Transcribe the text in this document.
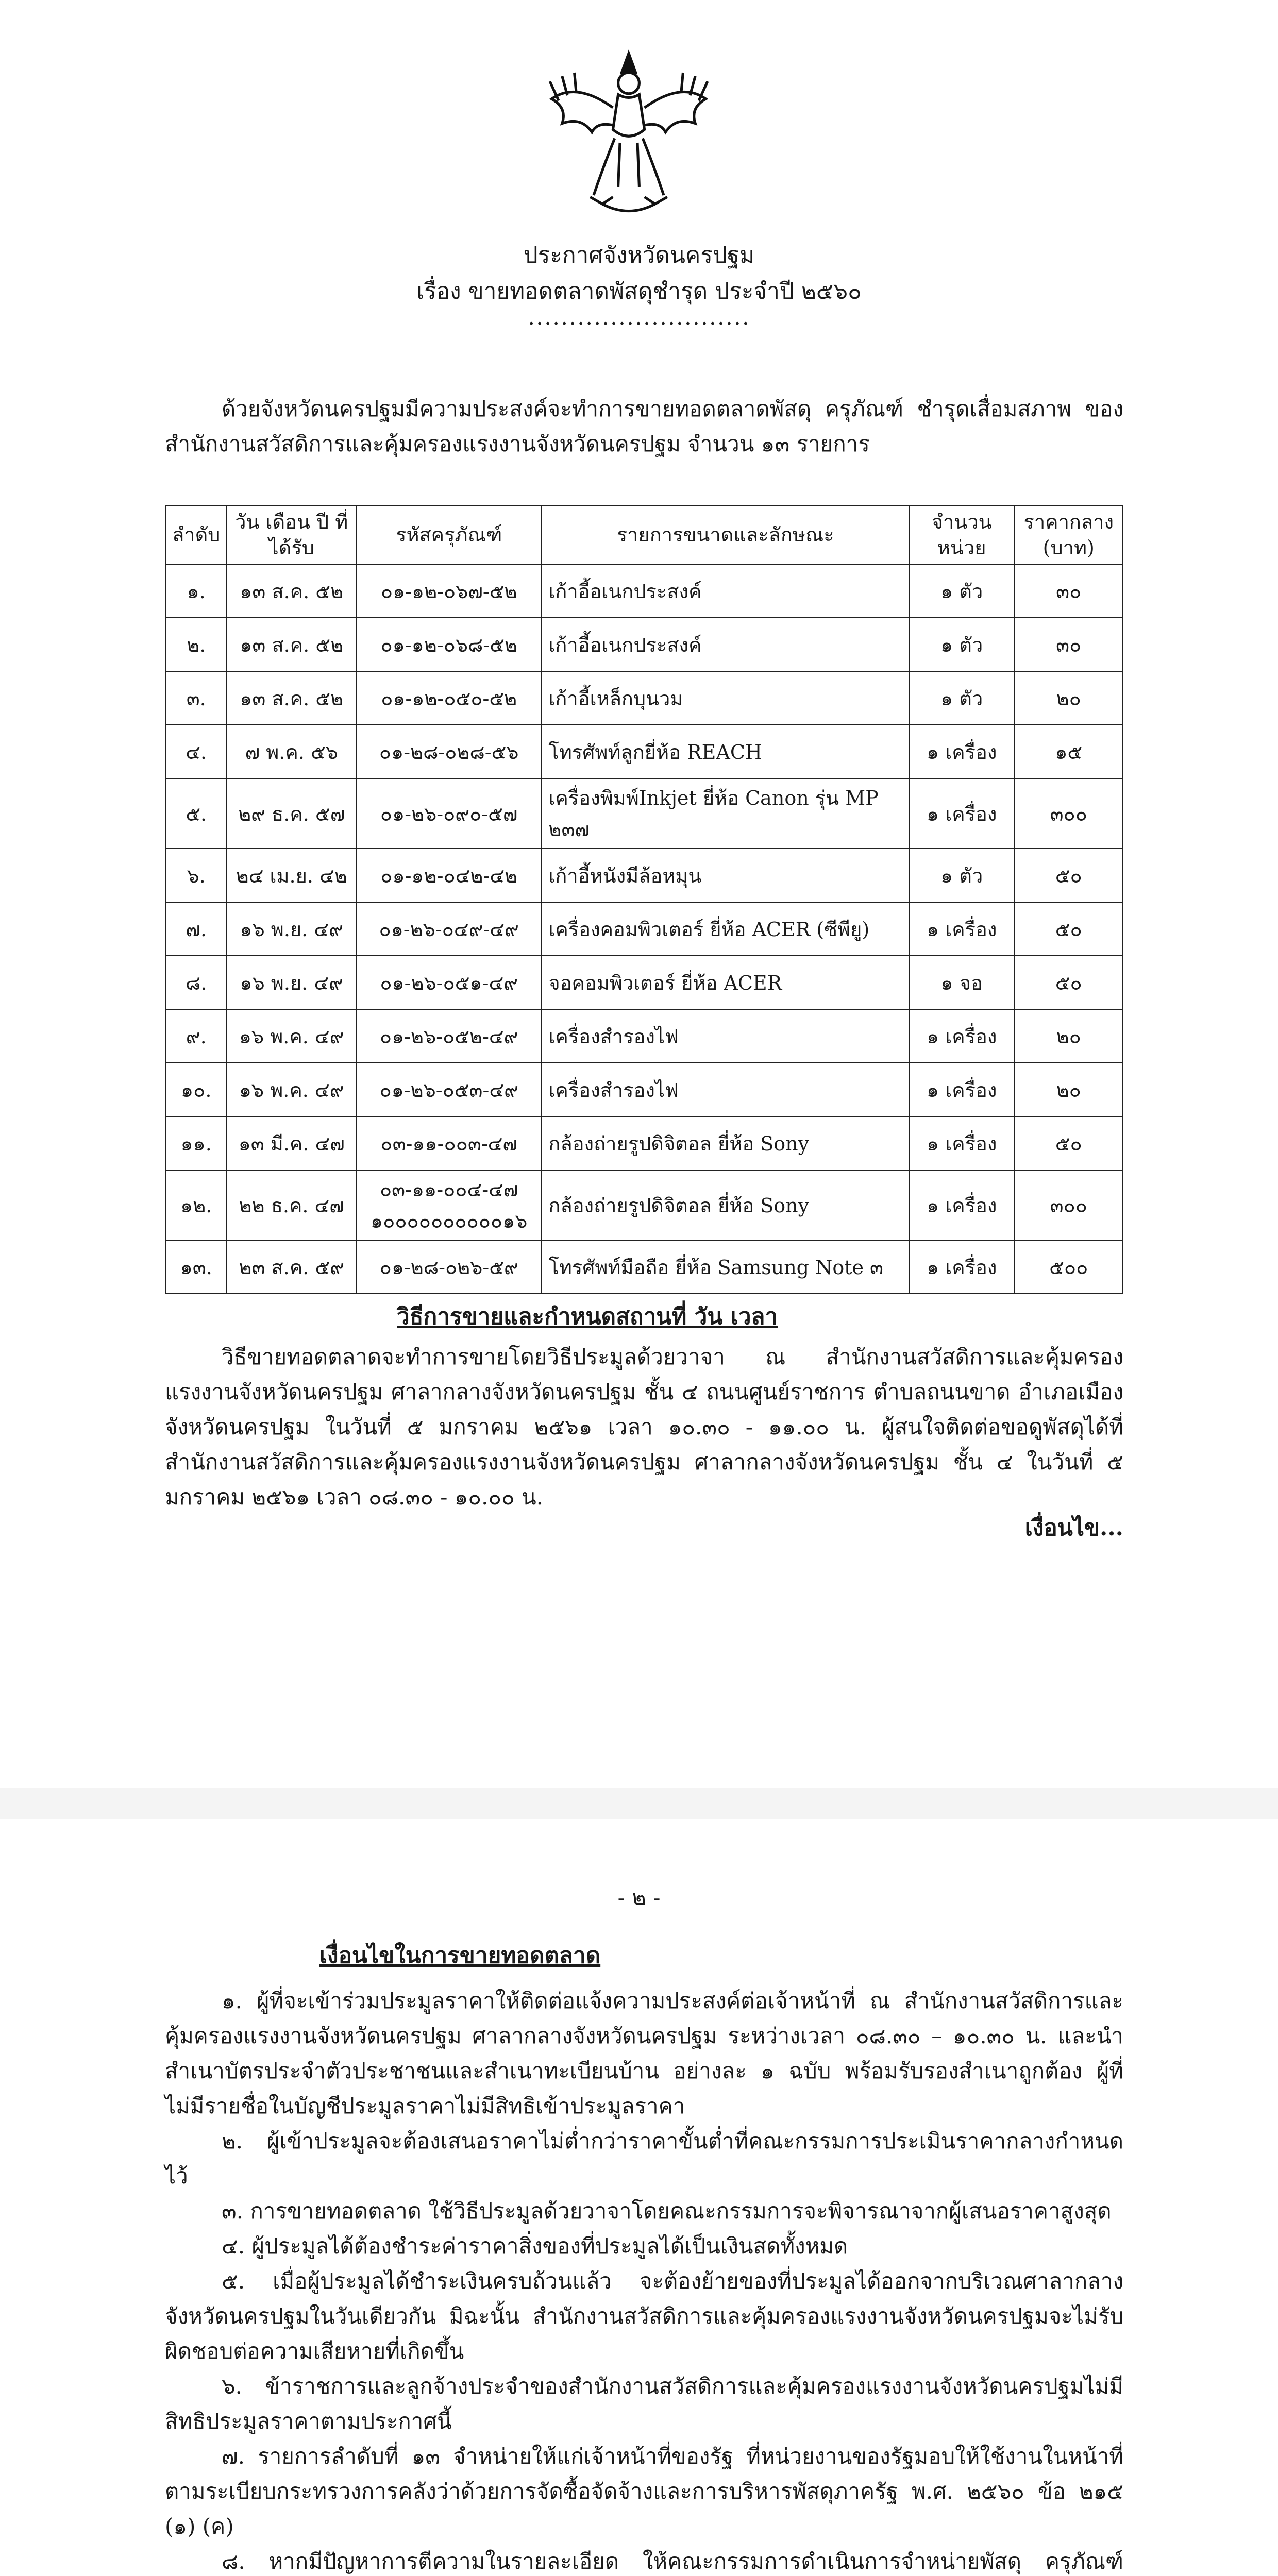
ประกาศจังหวัดนครปฐม
เรื่อง ขายทอดตลาดพัสดุชำรุด ประจำปี ๒๕๖๐
...........................
ด้วยจังหวัดนครปฐมมีความประสงค์จะทำการขายทอดตลาดพัสดุ ครุภัณฑ์ ชำรุดเสื่อมสภาพ ของสำนักงานสวัสดิการและคุ้มครองแรงงานจังหวัดนครปฐม จำนวน ๑๓ รายการ
ลำดับ	วัน เดือน ปี ที่ได้รับ	รหัสครุภัณฑ์	รายการขนาดและลักษณะ	จำนวน หน่วย	ราคากลาง (บาท)

๑.	๑๓ ส.ค. ๕๒	๐๑-๑๒-๐๖๗-๕๒	เก้าอี้อเนกประสงค์	๑ ตัว	๓๐

๒.	๑๓ ส.ค. ๕๒	๐๑-๑๒-๐๖๘-๕๒	เก้าอี้อเนกประสงค์	๑ ตัว	๓๐

๓.	๑๓ ส.ค. ๕๒	๐๑-๑๒-๐๕๐-๕๒	เก้าอี้เหล็กบุนวม	๑ ตัว	๒๐

๔.	๗ พ.ค. ๕๖	๐๑-๒๘-๐๒๘-๕๖	โทรศัพท์ลูกยี่ห้อ REACH	๑ เครื่อง	๑๕

๕.	๒๙ ธ.ค. ๕๗	๐๑-๒๖-๐๙๐-๕๗	เครื่องพิมพ์Inkjet ยี่ห้อ Canon รุ่น MP ๒๓๗	๑ เครื่อง	๓๐๐

๖.	๒๔ เม.ย. ๔๒	๐๑-๑๒-๐๔๒-๔๒	เก้าอี้หนังมีล้อหมุน	๑ ตัว	๕๐

๗.	๑๖ พ.ย. ๔๙	๐๑-๒๖-๐๔๙-๔๙	เครื่องคอมพิวเตอร์ ยี่ห้อ ACER (ซีพียู)	๑ เครื่อง	๕๐

๘.	๑๖ พ.ย. ๔๙	๐๑-๒๖-๐๕๑-๔๙	จอคอมพิวเตอร์ ยี่ห้อ ACER	๑ จอ	๕๐

๙.	๑๖ พ.ค. ๔๙	๐๑-๒๖-๐๕๒-๔๙	เครื่องสำรองไฟ	๑ เครื่อง	๒๐

๑๐.	๑๖ พ.ค. ๔๙	๐๑-๒๖-๐๕๓-๔๙	เครื่องสำรองไฟ	๑ เครื่อง	๒๐

๑๑.	๑๓ มี.ค. ๔๗	๐๓-๑๑-๐๐๓-๔๗	กล้องถ่ายรูปดิจิตอล ยี่ห้อ Sony	๑ เครื่อง	๕๐

๑๒.	๒๒ ธ.ค. ๔๗	๐๓-๑๑-๐๐๔-๔๗
๑๐๐๐๐๐๐๐๐๐๐๑๖	กล้องถ่ายรูปดิจิตอล ยี่ห้อ Sony	๑ เครื่อง	๓๐๐

๑๓.	๒๓ ส.ค. ๕๙	๐๑-๒๘-๐๒๖-๕๙	โทรศัพท์มือถือ ยี่ห้อ Samsung Note ๓	๑ เครื่อง	๕๐๐
วิธีการขายและกำหนดสถานที่ วัน เวลา
วิธีขายทอดตลาดจะทำการขายโดยวิธีประมูลด้วยวาจา ณ สำนักงานสวัสดิการและคุ้มครองแรงงานจังหวัดนครปฐม ศาลากลางจังหวัดนครปฐม ชั้น ๔ ถนนศูนย์ราชการ ตำบลถนนขาด อำเภอเมืองจังหวัดนครปฐม ในวันที่ ๕ มกราคม ๒๕๖๑ เวลา ๑๐.๓๐ - ๑๑.๐๐ น. ผู้สนใจติดต่อขอดูพัสดุได้ที่สำนักงานสวัสดิการและคุ้มครองแรงงานจังหวัดนครปฐม ศาลากลางจังหวัดนครปฐม ชั้น ๔ ในวันที่ ๕ มกราคม ๒๕๖๑ เวลา ๐๘.๓๐ - ๑๐.๐๐ น.
เงื่อนไข...
- ๒ -
เงื่อนไขในการขายทอดตลาด

๑. ผู้ที่จะเข้าร่วมประมูลราคาให้ติดต่อแจ้งความประสงค์ต่อเจ้าหน้าที่ ณ สำนักงานสวัสดิการและคุ้มครองแรงงานจังหวัดนครปฐม ศาลากลางจังหวัดนครปฐม ระหว่างเวลา ๐๘.๓๐ – ๑๐.๓๐ น. และนำสำเนาบัตรประจำตัวประชาชนและสำเนาทะเบียนบ้าน อย่างละ ๑ ฉบับ พร้อมรับรองสำเนาถูกต้อง ผู้ที่ไม่มีรายชื่อในบัญชีประมูลราคาไม่มีสิทธิเข้าประมูลราคา

๒. ผู้เข้าประมูลจะต้องเสนอราคาไม่ต่ำกว่าราคาขั้นต่ำที่คณะกรรมการประเมินราคากลางกำหนดไว้

๓. การขายทอดตลาด ใช้วิธีประมูลด้วยวาจาโดยคณะกรรมการจะพิจารณาจากผู้เสนอราคาสูงสุด

๔. ผู้ประมูลได้ต้องชำระค่าราคาสิ่งของที่ประมูลได้เป็นเงินสดทั้งหมด

๕. เมื่อผู้ประมูลได้ชำระเงินครบถ้วนแล้ว จะต้องย้ายของที่ประมูลได้ออกจากบริเวณศาลากลางจังหวัดนครปฐมในวันเดียวกัน มิฉะนั้น สำนักงานสวัสดิการและคุ้มครองแรงงานจังหวัดนครปฐมจะไม่รับผิดชอบต่อความเสียหายที่เกิดขึ้น

๖. ข้าราชการและลูกจ้างประจำของสำนักงานสวัสดิการและคุ้มครองแรงงานจังหวัดนครปฐมไม่มีสิทธิประมูลราคาตามประกาศนี้

๗. รายการลำดับที่ ๑๓ จำหน่ายให้แก่เจ้าหน้าที่ของรัฐ ที่หน่วยงานของรัฐมอบให้ใช้งานในหน้าที่ ตามระเบียบกระทรวงการคลังว่าด้วยการจัดซื้อจัดจ้างและการบริหารพัสดุภาครัฐ พ.ศ. ๒๕๖๐ ข้อ ๒๑๕ (๑) (ค)

๘. หากมีปัญหาการตีความในรายละเอียด ให้คณะกรรมการดำเนินการจำหน่ายพัสดุ ครุภัณฑ์
